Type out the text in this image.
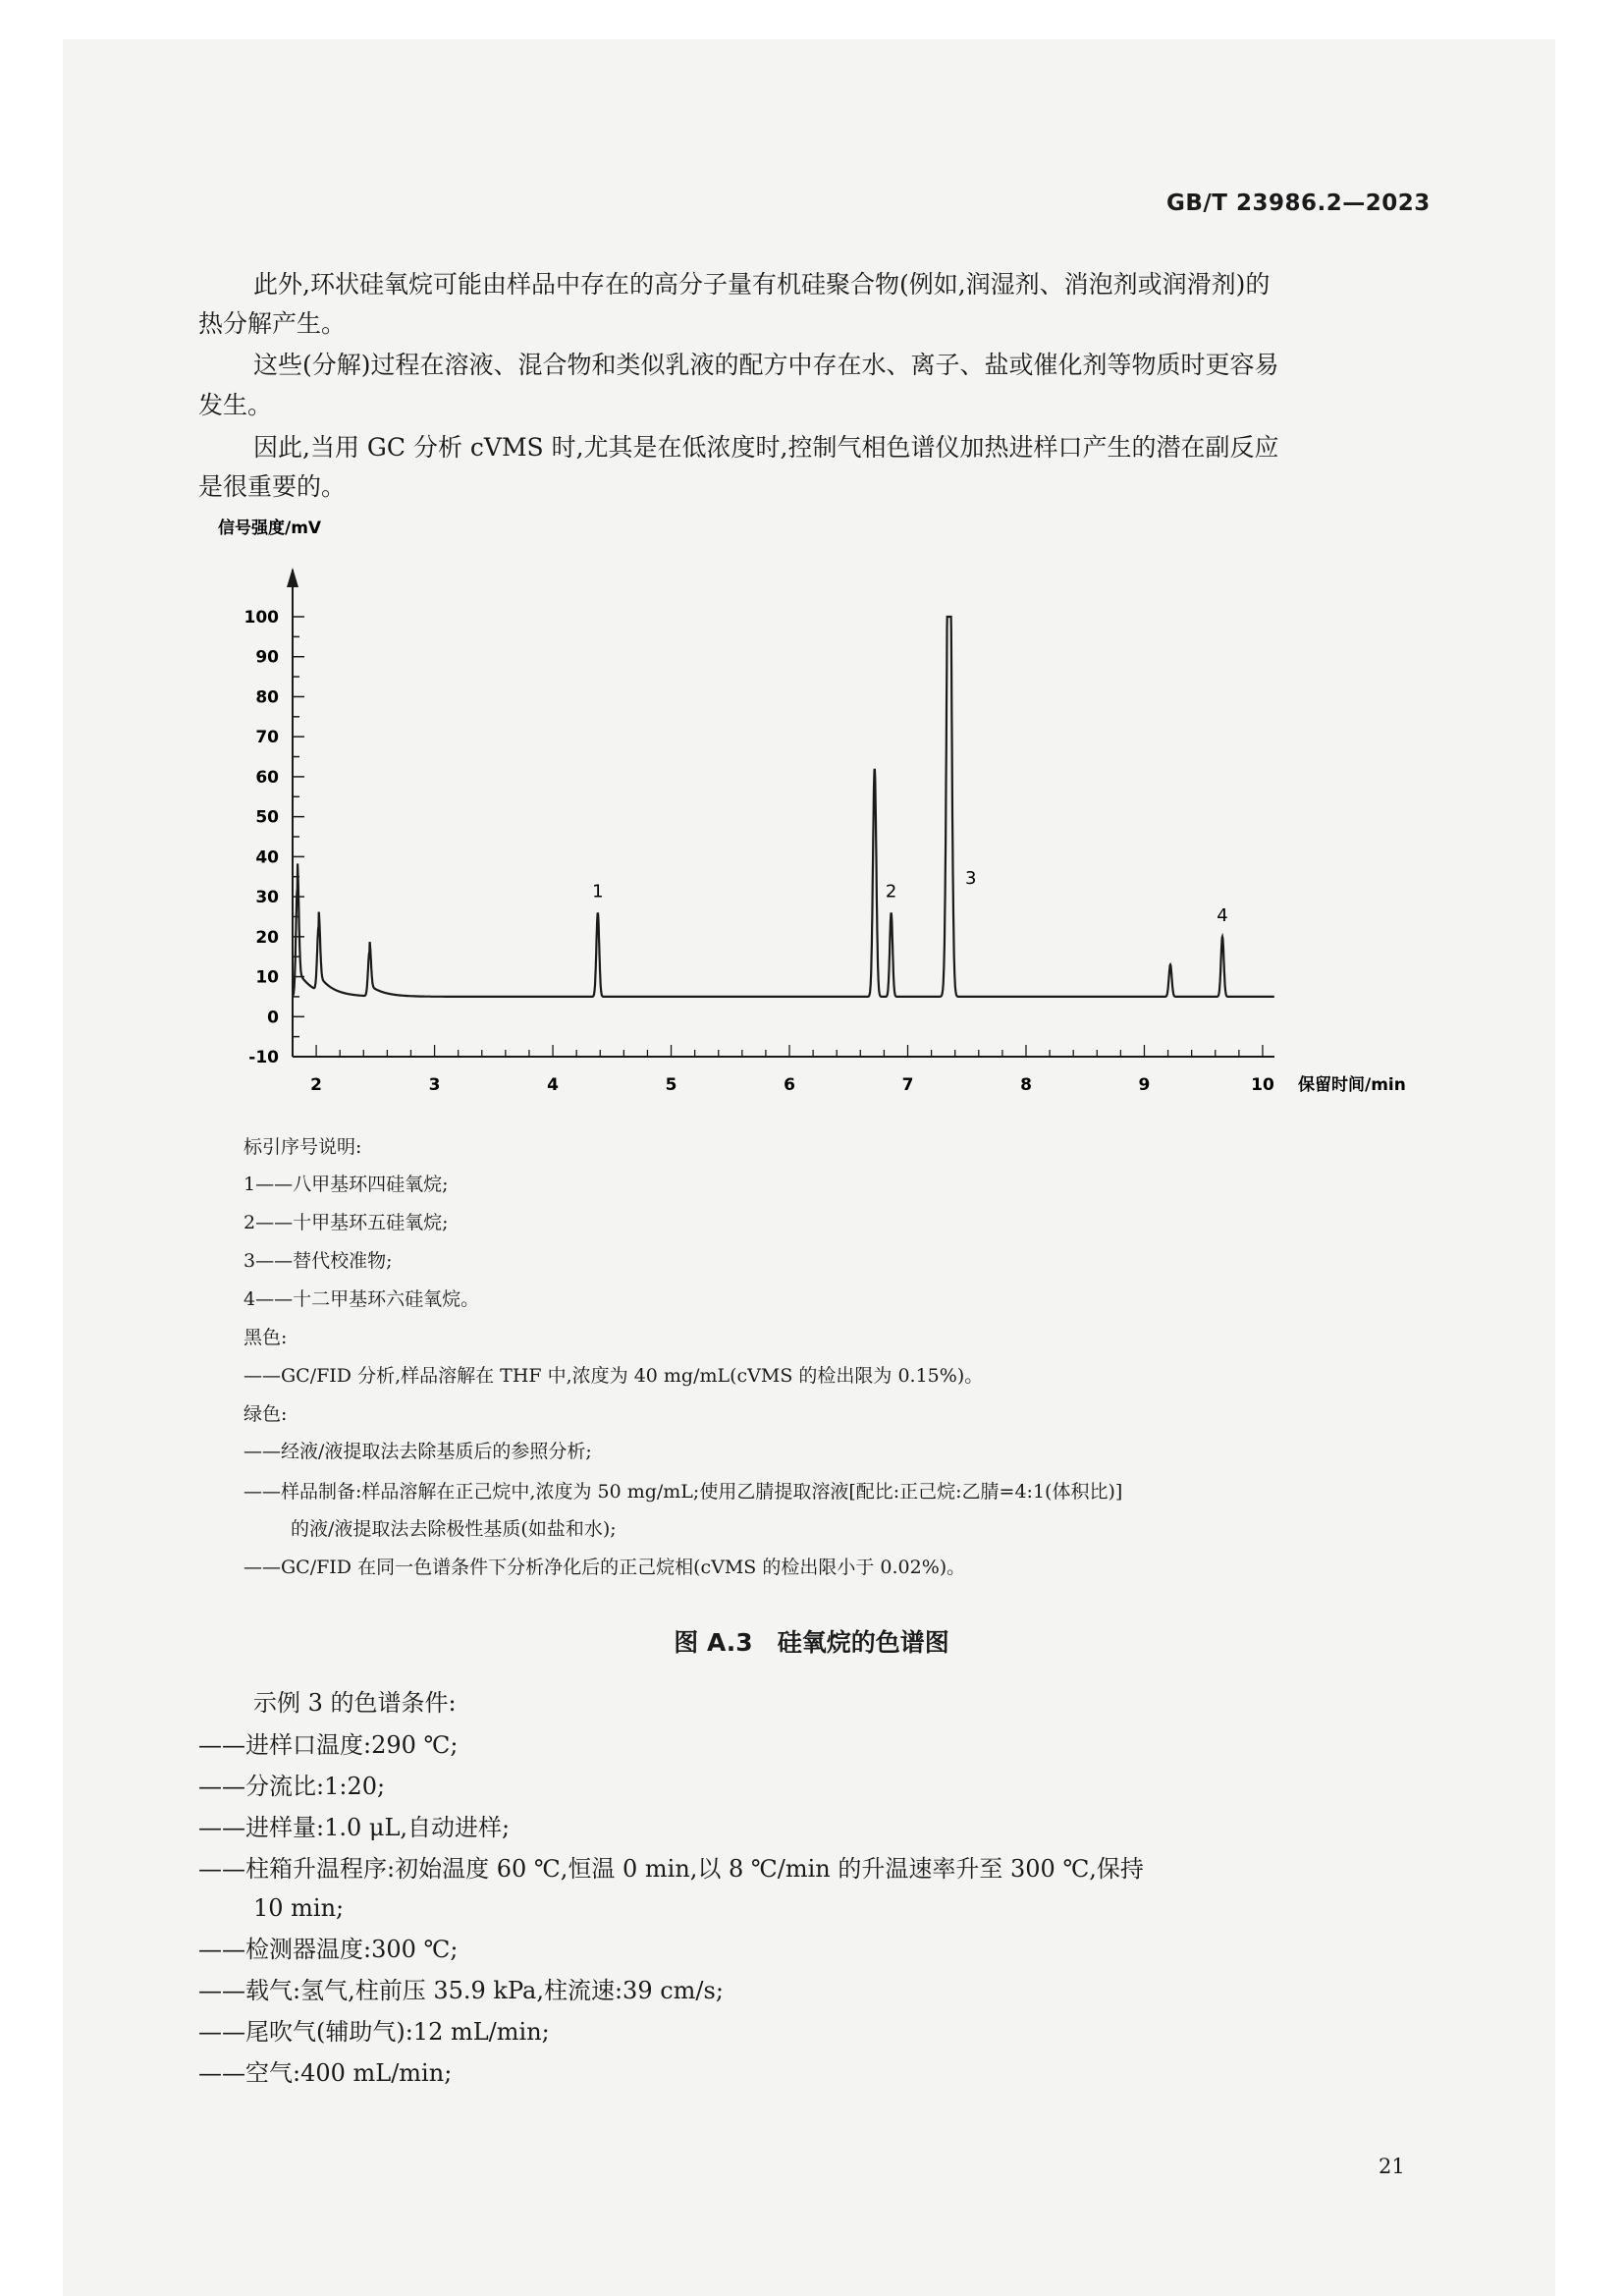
GB/T 23986.2—2023
此外,环状硅氧烷可能由样品中存在的高分子量有机硅聚合物(例如,润湿剂、消泡剂或润滑剂)的
热分解产生。
这些(分解)过程在溶液、混合物和类似乳液的配方中存在水、离子、盐或催化剂等物质时更容易
发生。
因此,当用 GC 分析 cVMS 时,尤其是在低浓度时,控制气相色谱仪加热进样口产生的潜在副反应
是很重要的。
信号强度/mV
100
90
80
70
60
50
40
30
20
10
0
-10
2	3	4	5	6	7	8	9	10
1	2
3
4
保留时间/min
标引序号说明:
1——八甲基环四硅氧烷;
2——十甲基环五硅氧烷;
3——替代校准物;
4——十二甲基环六硅氧烷。
黑色:
——GC/FID 分析,样品溶解在 THF 中,浓度为 40 mg/mL(cVMS 的检出限为 0.15%)。
绿色:
——经液/液提取法去除基质后的参照分析;
——样品制备:样品溶解在正己烷中,浓度为 50 mg/mL;使用乙腈提取溶液[配比:正己烷:乙腈=4:1(体积比)]
的液/液提取法去除极性基质(如盐和水);
——GC/FID 在同一色谱条件下分析净化后的正己烷相(cVMS 的检出限小于 0.02%)。
图 A.3　硅氧烷的色谱图
示例 3 的色谱条件:
——进样口温度:290 ℃;
——分流比:1:20;
——进样量:1.0 μL,自动进样;
——柱箱升温程序:初始温度 60 ℃,恒温 0 min,以 8 ℃/min 的升温速率升至 300 ℃,保持
10 min;
——检测器温度:300 ℃;
——载气:氢气,柱前压 35.9 kPa,柱流速:39 cm/s;
——尾吹气(辅助气):12 mL/min;
——空气:400 mL/min;
21
